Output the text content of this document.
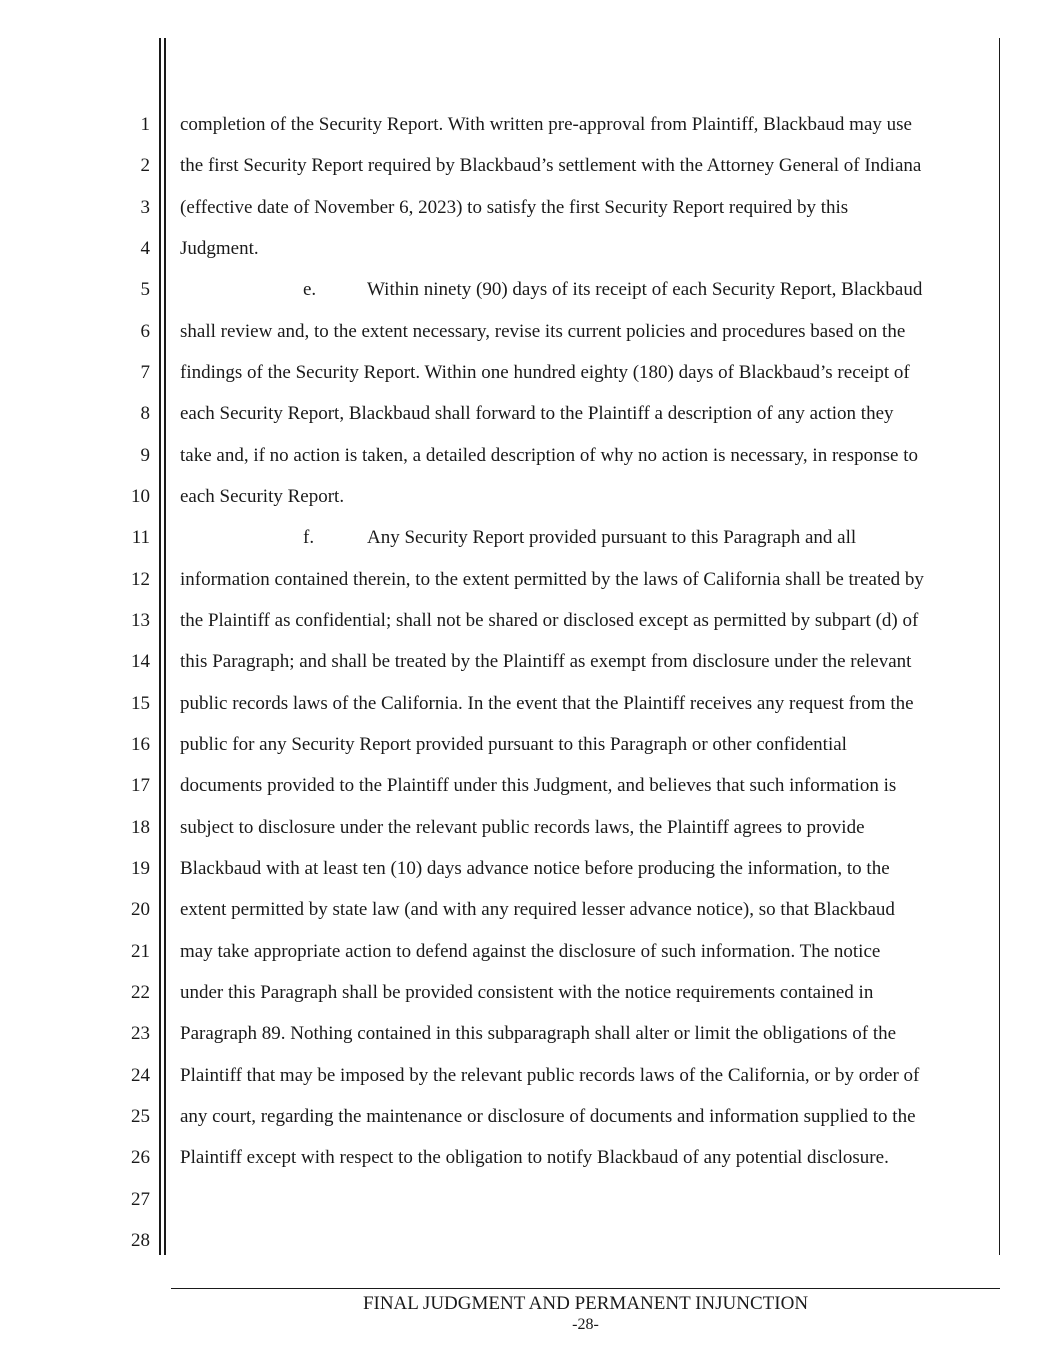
1
2
3
4
5
6
7
8
9
10
11
12
13
14
15
16
17
18
19
20
21
22
23
24
25
26
27
28
completion of the Security Report. With written pre-approval from Plaintiff, Blackbaud may use
the first Security Report required by Blackbaud’s settlement with the Attorney General of Indiana
(effective date of November 6, 2023) to satisfy the first Security Report required by this
Judgment.
e.	Within ninety (90) days of its receipt of each Security Report, Blackbaud
shall review and, to the extent necessary, revise its current policies and procedures based on the
findings of the Security Report. Within one hundred eighty (180) days of Blackbaud’s receipt of
each Security Report, Blackbaud shall forward to the Plaintiff a description of any action they
take and, if no action is taken, a detailed description of why no action is necessary, in response to
each Security Report.
f.	Any Security Report provided pursuant to this Paragraph and all
information contained therein, to the extent permitted by the laws of California shall be treated by
the Plaintiff as confidential; shall not be shared or disclosed except as permitted by subpart (d) of
this Paragraph; and shall be treated by the Plaintiff as exempt from disclosure under the relevant
public records laws of the California. In the event that the Plaintiff receives any request from the
public for any Security Report provided pursuant to this Paragraph or other confidential
documents provided to the Plaintiff under this Judgment, and believes that such information is
subject to disclosure under the relevant public records laws, the Plaintiff agrees to provide
Blackbaud with at least ten (10) days advance notice before producing the information, to the
extent permitted by state law (and with any required lesser advance notice), so that Blackbaud
may take appropriate action to defend against the disclosure of such information. The notice
under this Paragraph shall be provided consistent with the notice requirements contained in
Paragraph 89. Nothing contained in this subparagraph shall alter or limit the obligations of the
Plaintiff that may be imposed by the relevant public records laws of the California, or by order of
any court, regarding the maintenance or disclosure of documents and information supplied to the
Plaintiff except with respect to the obligation to notify Blackbaud of any potential disclosure.
FINAL JUDGMENT AND PERMANENT INJUNCTION
-28-
